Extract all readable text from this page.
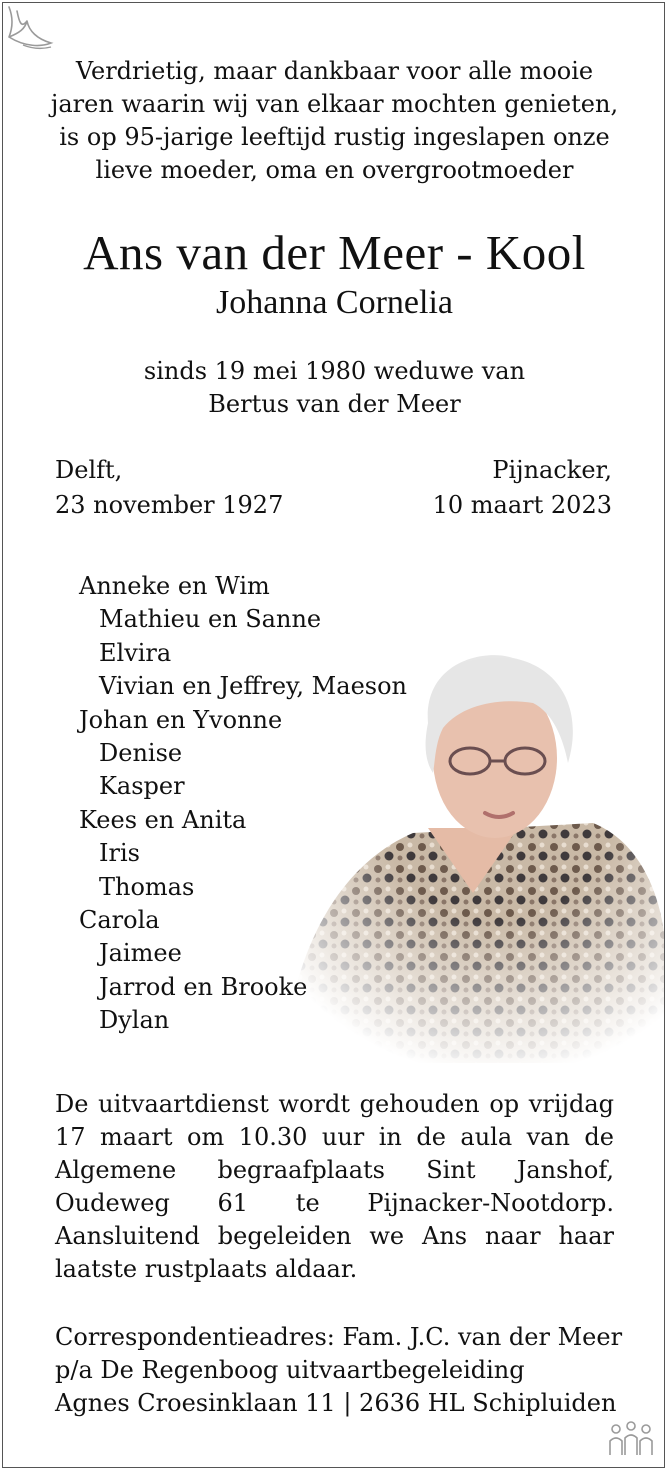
Verdrietig, maar dankbaar voor alle mooie
jaren waarin wij van elkaar mochten genieten,
is op 95-jarige leeftijd rustig ingeslapen onze
lieve moeder, oma en overgrootmoeder
Ans van der Meer - Kool
Johanna Cornelia
sinds 19 mei 1980 weduwe van
Bertus van der Meer
Delft,
23 november 1927
Pijnacker,
10 maart 2023
Anneke en Wim
Mathieu en Sanne
Elvira
Vivian en Jeffrey, Maeson
Johan en Yvonne
Denise
Kasper
Kees en Anita
Iris
Thomas
Carola
Jaimee
Jarrod en Brooke
Dylan
De uitvaartdienst wordt gehouden op vrijdag
17 maart om 10.30 uur in de aula van de
Algemene begraafplaats Sint Janshof,
Oudeweg 61 te Pijnacker-Nootdorp.
Aansluitend begeleiden we Ans naar haar
laatste rustplaats aldaar.
Correspondentieadres: Fam. J.C. van der Meer
p/a De Regenboog uitvaartbegeleiding
Agnes Croesinklaan 11 | 2636 HL Schipluiden
